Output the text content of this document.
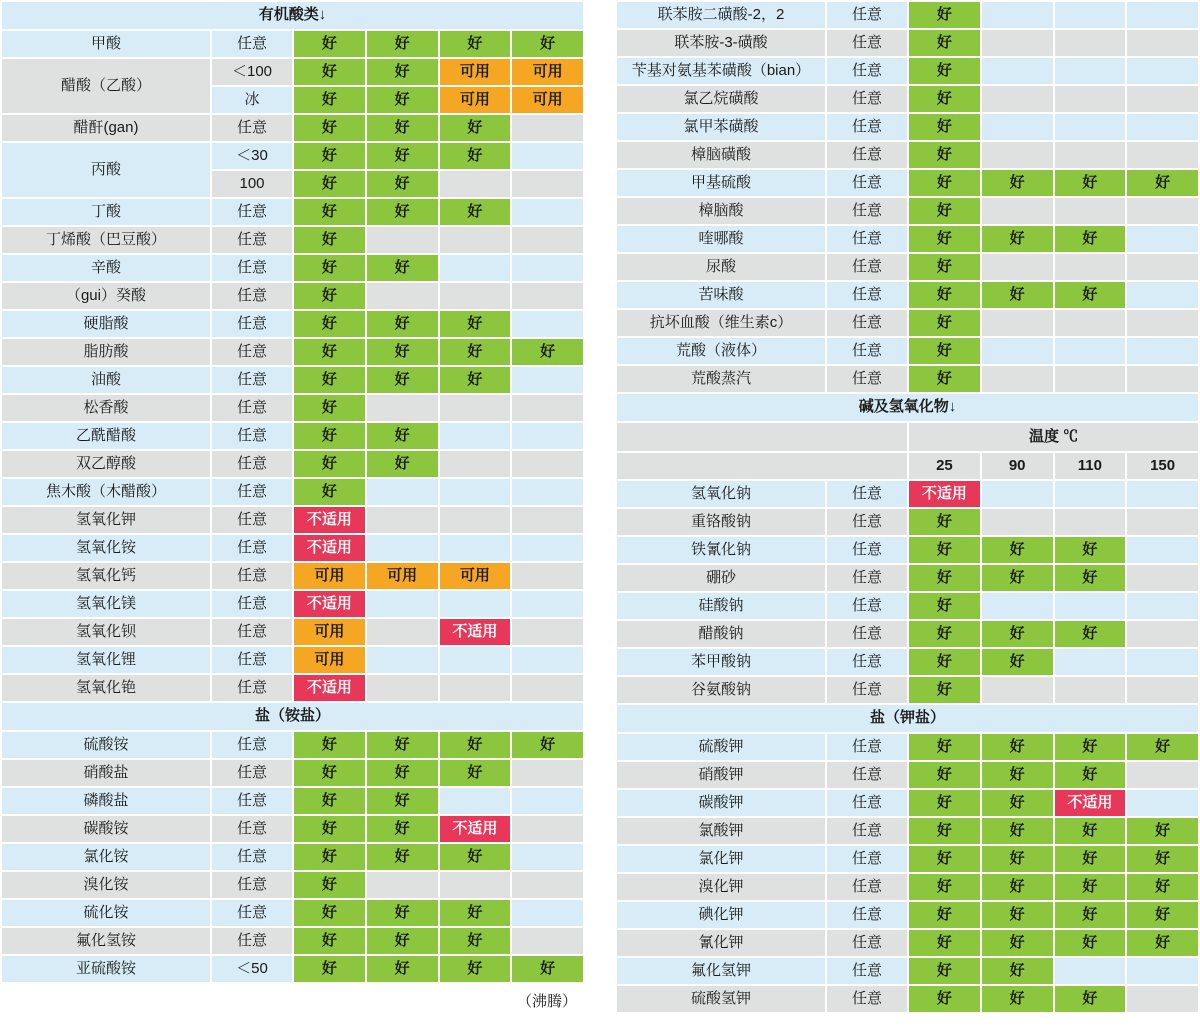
有机酸类↓					
甲酸	任意	好	好	好	好
醋酸（乙酸）	＜100	好	好	可用	可用
	冰	好	好	可用	可用
醋酐(gan)	任意	好	好	好	
丙酸	＜30	好	好	好	
	100	好	好		
丁酸	任意	好	好	好	
丁烯酸（巴豆酸）	任意	好			
辛酸	任意	好	好		
（gui）癸酸	任意	好			
硬脂酸	任意	好	好	好	
脂肪酸	任意	好	好	好	好
油酸	任意	好	好	好	
松香酸	任意	好			
乙酰醋酸	任意	好	好		
双乙醇酸	任意	好	好		
焦木酸（木醋酸）	任意	好			
氢氧化钾	任意	不适用			
氢氧化铵	任意	不适用			
氢氧化钙	任意	可用	可用	可用	
氢氧化镁	任意	不适用			
氢氧化钡	任意	可用		不适用	
氢氧化锂	任意	可用			
氢氧化铯	任意	不适用			
盐（铵盐）					
硫酸铵	任意	好	好	好	好
硝酸盐	任意	好	好	好	
磷酸盐	任意	好	好		
碳酸铵	任意	好	好	不适用	
氯化铵	任意	好	好	好	
溴化铵	任意	好			
硫化铵	任意	好	好	好	
氟化氢铵	任意	好	好	好	
亚硫酸铵	＜50	好	好	好	好
（沸腾）
联苯胺二磺酸-2，2	任意	好			
联苯胺-3-磺酸	任意	好			
苄基对氨基苯磺酸（bian）	任意	好			
氯乙烷磺酸	任意	好			
氯甲苯磺酸	任意	好			
樟脑磺酸	任意	好			
甲基硫酸	任意	好	好	好	好
樟脑酸	任意	好			
喹哪酸	任意	好	好	好	
尿酸	任意	好			
苦味酸	任意	好	好	好	
抗坏血酸（维生素c）	任意	好			
荒酸（液体）	任意	好			
荒酸蒸汽	任意	好			
碱及氢氧化物↓					
		温度 ℃			
		25	90	110	150
氢氧化钠	任意	不适用			
重铬酸钠	任意	好			
铁氰化钠	任意	好	好	好	
硼砂	任意	好	好	好	
硅酸钠	任意	好			
醋酸钠	任意	好	好	好	
苯甲酸钠	任意	好	好		
谷氨酸钠	任意	好			
盐（钾盐）					
硫酸钾	任意	好	好	好	好
硝酸钾	任意	好	好	好	
碳酸钾	任意	好	好	不适用	
氯酸钾	任意	好	好	好	好
氯化钾	任意	好	好	好	好
溴化钾	任意	好	好	好	好
碘化钾	任意	好	好	好	好
氰化钾	任意	好	好	好	好
氟化氢钾	任意	好	好		
硫酸氢钾	任意	好	好	好	
